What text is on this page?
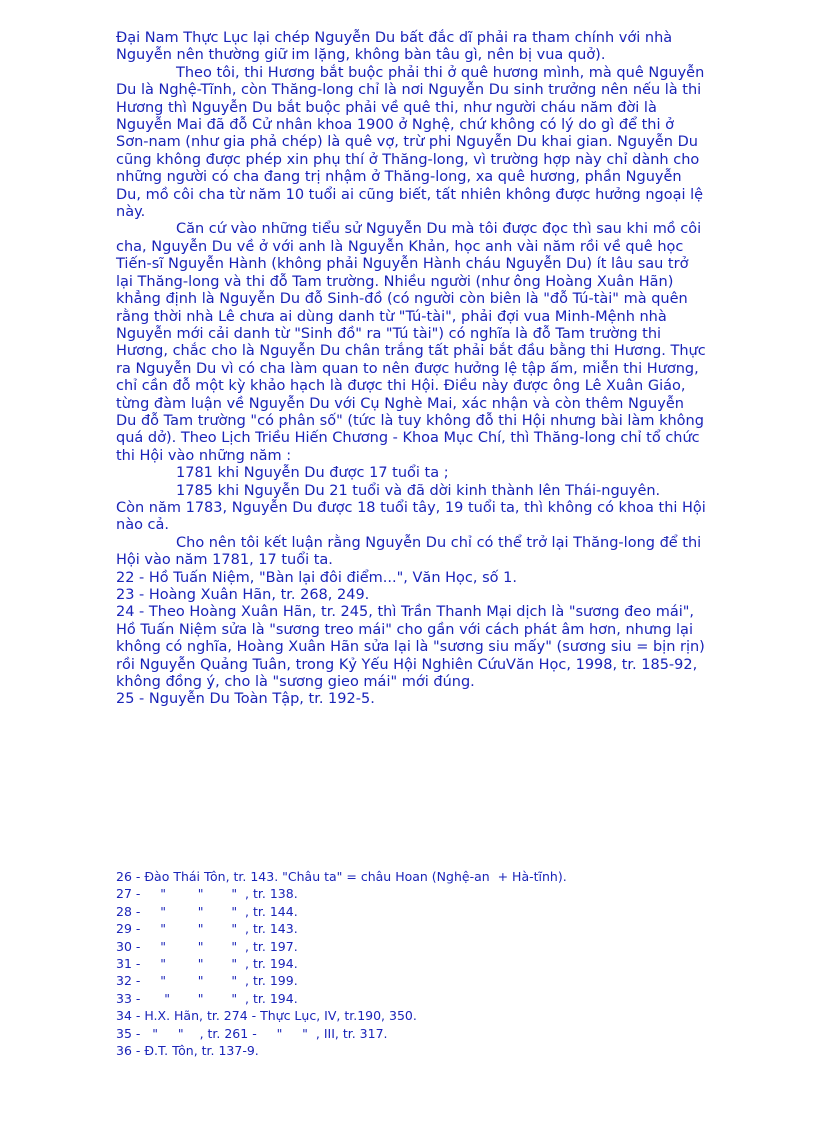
Đại Nam Thực Lục lại chép Nguyễn Du bất đắc dĩ phải ra tham chính với nhà Nguyễn nên thường giữ im lặng, không bàn tâu gì, nên bị vua quở).

Theo tôi, thi Hương bắt buộc phải thi ở quê hương mình, mà quê Nguyễn Du là Nghệ-Tĩnh, còn Thăng-long chỉ là nơi Nguyễn Du sinh trưởng nên nếu là thi Hương thì Nguyễn Du bắt buộc phải về quê thi, như người cháu năm đời là Nguyễn Mai đã đỗ Cử nhân khoa 1900 ở Nghệ, chứ không có lý do gì để thi ở Sơn-nam (như gia phả chép) là quê vợ, trừ phi Nguyễn Du khai gian. Nguyễn Du cũng không được phép xin phụ thí ở Thăng-long, vì trường hợp này chỉ dành cho những người có cha đang trị nhậm ở Thăng-long, xa quê hương, phần Nguyễn Du, mồ côi cha từ năm 10 tuổi ai cũng biết, tất nhiên không được hưởng ngoại lệ này.

Căn cứ vào những tiểu sử Nguyễn Du mà tôi được đọc thì sau khi mồ côi cha, Nguyễn Du về ở với anh là Nguyễn Khản, học anh vài năm rồi về quê học Tiến-sĩ Nguyễn Hành (không phải Nguyễn Hành cháu Nguyễn Du) ít lâu sau trở lại Thăng-long và thi đỗ Tam trường. Nhiều người (như ông Hoàng Xuân Hãn) khẳng định là Nguyễn Du đỗ Sinh-đồ (có người còn biên là "đỗ Tú-tài" mà quên rằng thời nhà Lê chưa ai dùng danh từ "Tú-tài", phải đợi vua Minh-Mệnh nhà Nguyễn mới cải danh từ "Sinh đồ" ra "Tú tài") có nghĩa là đỗ Tam trường thi Hương, chắc cho là Nguyễn Du chân trắng tất phải bắt đầu bằng thi Hương. Thực ra Nguyễn Du vì có cha làm quan to nên được hưởng lệ tập ấm, miễn thi Hương, chỉ cần đỗ một kỳ khảo hạch là được thi Hội. Điều này được ông Lê Xuân Giáo, từng đàm luận về Nguyễn Du với Cụ Nghè Mai, xác nhận và còn thêm Nguyễn Du đỗ Tam trường "có phân số" (tức là tuy không đỗ thi Hội nhưng bài làm không quá dở). Theo Lịch Triều Hiến Chương - Khoa Mục Chí, thì Thăng-long chỉ tổ chức thi Hội vào những năm :

1781 khi Nguyễn Du được 17 tuổi ta ;

1785 khi Nguyễn Du 21 tuổi và đã dời kinh thành lên Thái-nguyên.

Còn năm 1783, Nguyễn Du được 18 tuổi tây, 19 tuổi ta, thì không có khoa thi Hội nào cả.

Cho nên tôi kết luận rằng Nguyễn Du chỉ có thể trở lại Thăng-long để thi Hội vào năm 1781, 17 tuổi ta.

22 - Hồ Tuấn Niệm, "Bàn lại đôi điểm...", Văn Học, số 1.

23 - Hoàng Xuân Hãn, tr. 268, 249.

24 - Theo Hoàng Xuân Hãn, tr. 245, thì Trần Thanh Mại dịch là "sương đeo mái", Hồ Tuấn Niệm sửa là "sương treo mái" cho gần với cách phát âm hơn, nhưng lại không có nghĩa, Hoàng Xuân Hãn sửa lại là "sương siu mấy" (sương siu = bịn rịn) rồi Nguyễn Quảng Tuân, trong Kỷ Yếu Hội Nghiên CứuVăn Học, 1998, tr. 185-92, không đồng ý, cho là "sương gieo mái" mới đúng.

25 - Nguyễn Du Toàn Tập, tr. 192-5.

26 - Đào Thái Tôn, tr. 143. "Châu ta" = châu Hoan (Nghệ-an  + Hà-tĩnh).

27 -     "        "       "  , tr. 138.

28 -     "        "       "  , tr. 144.

29 -     "        "       "  , tr. 143.

30 -     "        "       "  , tr. 197.

31 -     "        "       "  , tr. 194.

32 -     "        "       "  , tr. 199.

33 -      "       "       "  , tr. 194.

34 - H.X. Hãn, tr. 274 - Thực Lục, IV, tr.190, 350.

35 -   "     "    , tr. 261 -     "     "  , III, tr. 317.

36 - Đ.T. Tôn, tr. 137-9.
